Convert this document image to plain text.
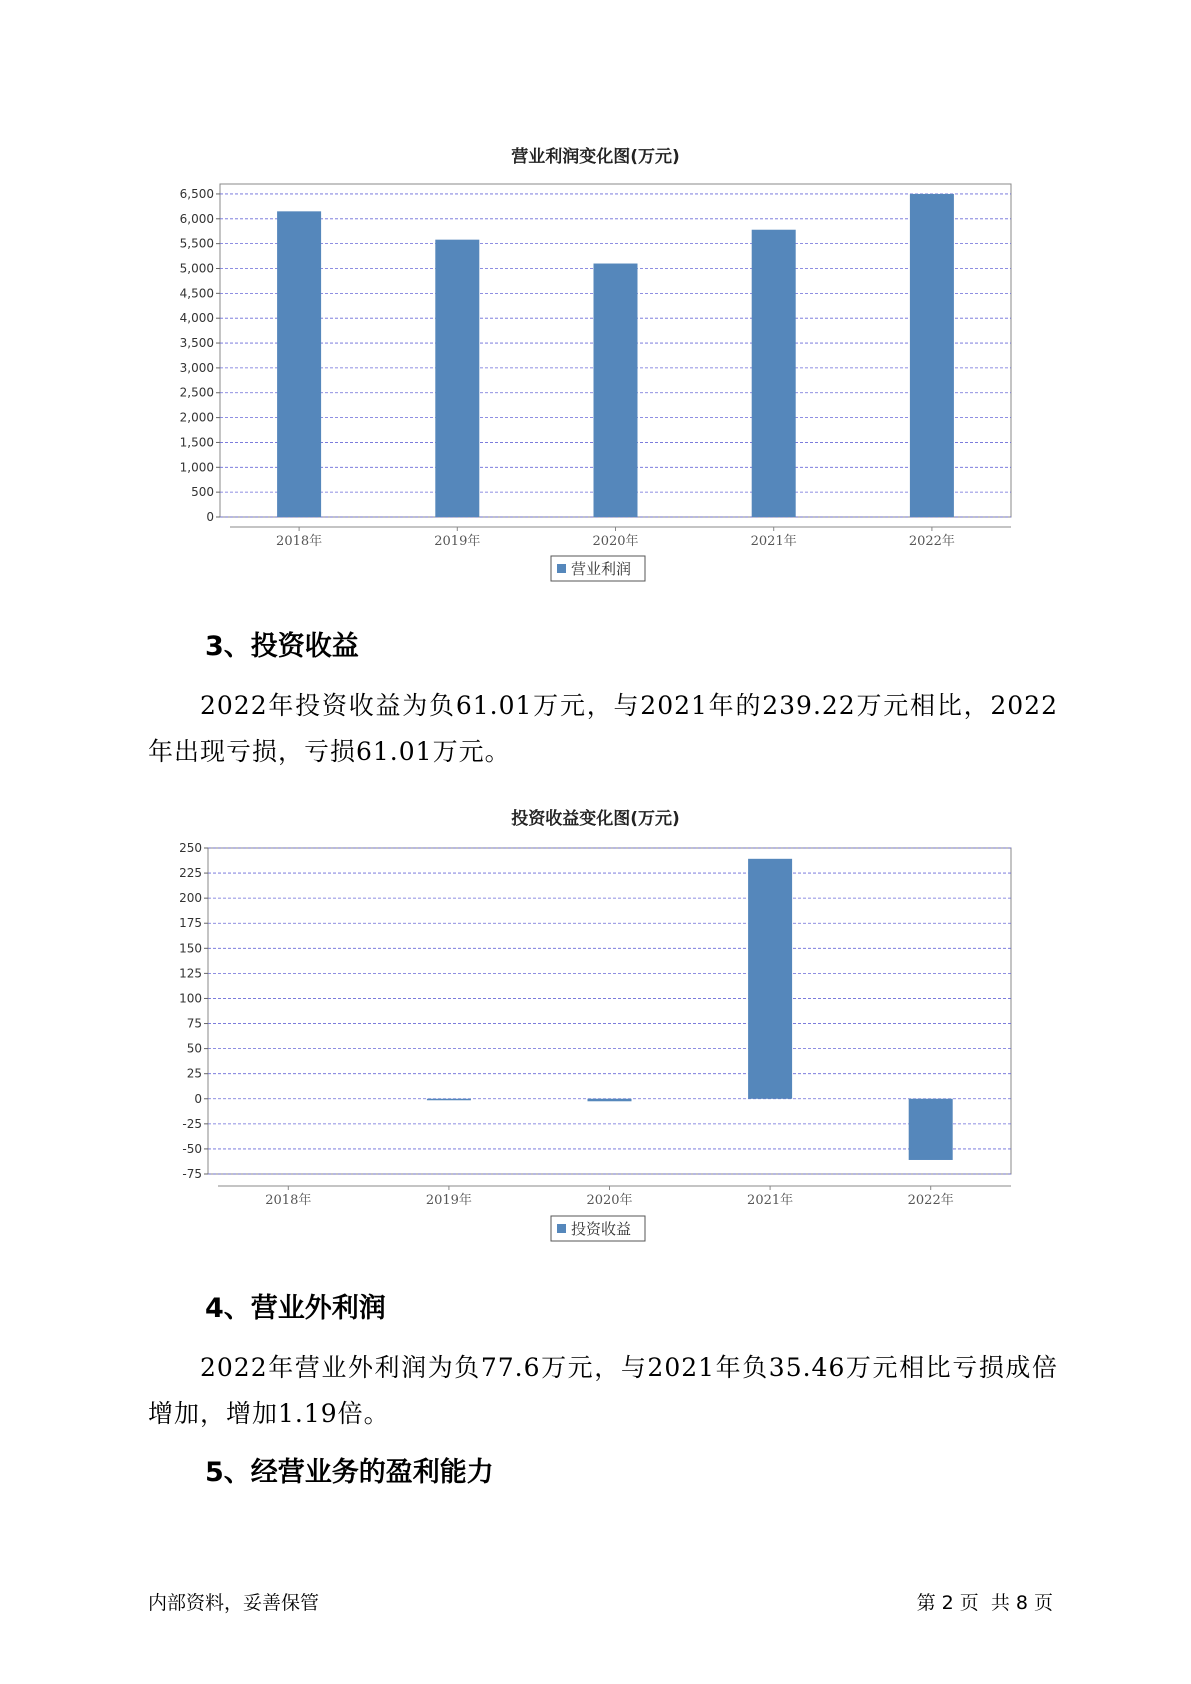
营业利润变化图(万元)
0
500
1,000
1,500
2,000
2,500
3,000
3,500
4,000
4,500
5,000
5,500
6,000
6,500
2018年	2019年	2020年	2021年	2022年
营业利润
3、投资收益
2022年投资收益为负61.01万元，与2021年的239.22万元相比，2022年出现亏损，亏损61.01万元。
投资收益变化图(万元)
-75
-50
-25
0
25
50
75
100
125
150
175
200
225
250
2018年	2019年	2020年	2021年	2022年
投资收益
4、营业外利润
2022年营业外利润为负77.6万元，与2021年负35.46万元相比亏损成倍增加，增加1.19倍。
5、经营业务的盈利能力
内部资料，妥善保管	第 2 页  共 8 页
